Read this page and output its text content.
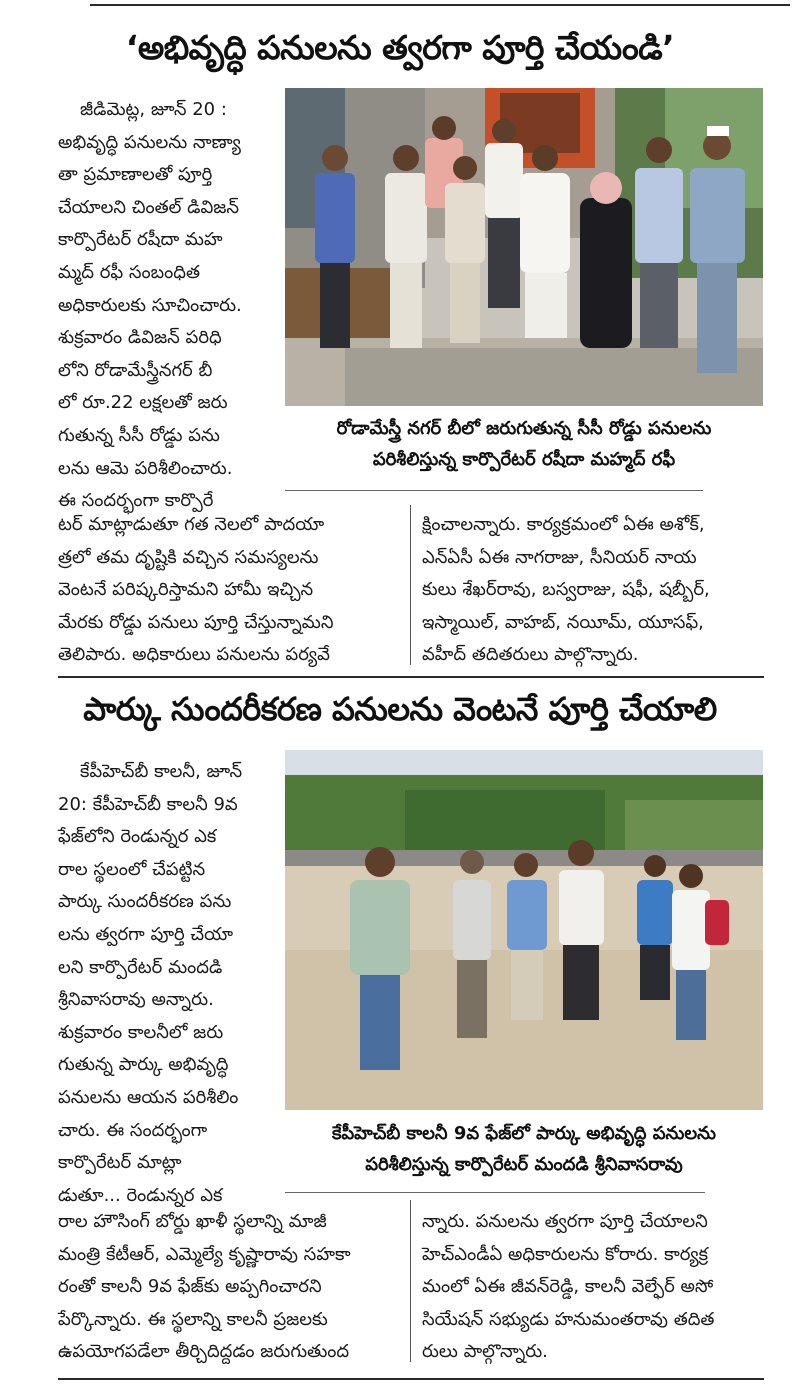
‘అభివృద్ధి పనులను త్వరగా పూర్తి చేయండి’

జీడిమెట్ల, జూన్ 20 :

అభివృద్ధి పనులను నాణ్యా

తా ప్రమాణాలతో పూర్తి

చేయాలని చింతల్ డివిజన్

కార్పొరేటర్ రషీదా మహ

మ్మద్ రఫీ సంబంధిత

అధికారులకు సూచించారు.

శుక్రవారం డివిజన్ పరిధి

లోని రోడామేస్త్రీనగర్ బీ

లో రూ.22 లక్షలతో జరు

గుతున్న సీసీ రోడ్డు పను

లను ఆమె పరిశీలించారు.

ఈ సందర్భంగా కార్పొరే

రోడామేస్త్రీ నగర్ బీలో జరుగుతున్న సీసీ రోడ్డు పనులను
పరిశీలిస్తున్న కార్పొరేటర్ రషీదా మహ్మద్ రఫీ

టర్ మాట్లాడుతూ గత నెలలో పాదయా

త్రలో తమ దృష్టికి వచ్చిన సమస్యలను

వెంటనే పరిష్కరిస్తామని హామీ ఇచ్చిన

మేరకు రోడ్డు పనులు పూర్తి చేస్తున్నామని

తెలిపారు. అధికారులు పనులను పర్యవే

క్షించాలన్నారు. కార్యక్రమంలో ఏఈ అశోక్,

ఎన్‌ఏసీ ఏఈ నాగరాజు, సీనియర్ నాయ

కులు శేఖర్‌రావు, బస్వరాజు, షఫీ, షబ్బీర్,

ఇస్మాయిల్, వాహబ్, నయీమ్, యూసఫ్,

వహీద్ తదితరులు పాల్గొన్నారు.

పార్కు సుందరీకరణ పనులను వెంటనే పూర్తి చేయాలి

కేపీహెచ్‌బీ కాలనీ, జూన్

20: కేపీహెచ్‌బీ కాలనీ 9వ

ఫేజ్‌లోని రెండున్నర ఎక

రాల స్థలంలో చేపట్టిన

పార్కు సుందరీకరణ పను

లను త్వరగా పూర్తి చేయా

లని కార్పొరేటర్ మందడి

శ్రీనివాసరావు అన్నారు.

శుక్రవారం కాలనీలో జరు

గుతున్న పార్కు అభివృద్ధి

పనులను ఆయన పరిశీలిం

చారు. ఈ సందర్భంగా

కార్పొరేటర్ మాట్లా

డుతూ... రెండున్నర ఎక

కేపీహెచ్‌బీ కాలనీ 9వ ఫేజ్‌లో పార్కు అభివృద్ధి పనులను
పరిశీలిస్తున్న కార్పొరేటర్ మందడి శ్రీనివాసరావు

రాల హౌసింగ్ బోర్డు ఖాళీ స్థలాన్ని మాజీ

మంత్రి కేటీఆర్, ఎమ్మెల్యే కృష్ణారావు సహకా

రంతో కాలనీ 9వ ఫేజ్‌కు అప్పగించారని

పేర్కొన్నారు. ఈ స్థలాన్ని కాలనీ ప్రజలకు

ఉపయోగపడేలా తీర్చిదిద్దడం జరుగుతుంద

న్నారు. పనులను త్వరగా పూర్తి చేయాలని

హెచ్‌ఎండీఏ అధికారులను కోరారు. కార్యక్ర

మంలో ఏఈ జీవన్‌రెడ్డి, కాలనీ వెల్ఫేర్ అసో

సియేషన్ సభ్యుడు హనుమంతరావు తదిత

రులు పాల్గొన్నారు.
